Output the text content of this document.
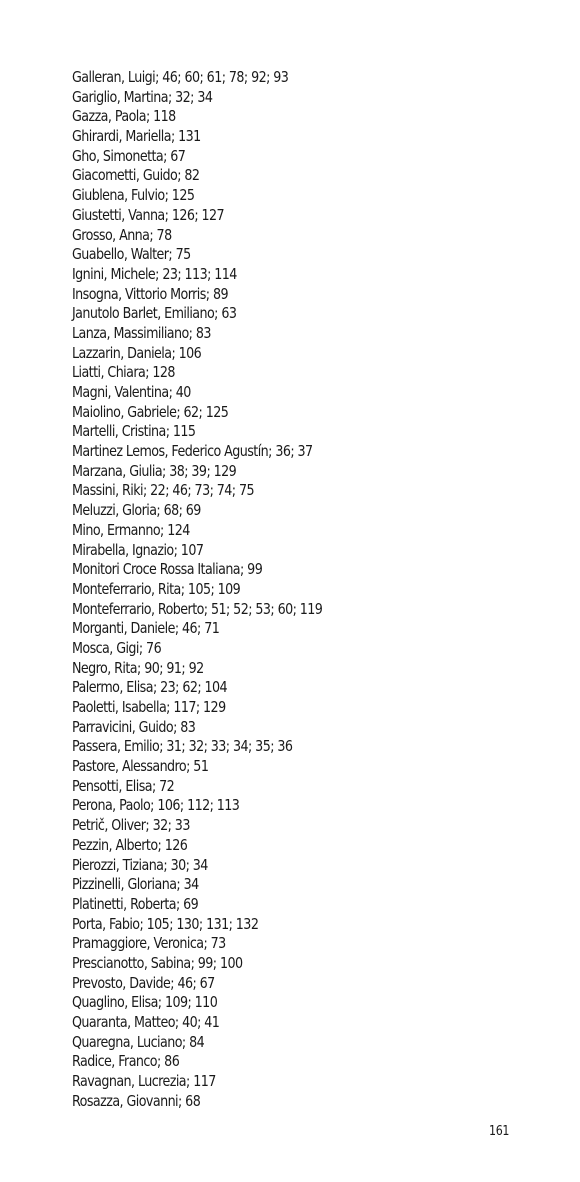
Galleran, Luigi; 46; 60; 61; 78; 92; 93
Gariglio, Martina; 32; 34
Gazza, Paola; 118
Ghirardi, Mariella; 131
Gho, Simonetta; 67
Giacometti, Guido; 82
Giublena, Fulvio; 125
Giustetti, Vanna; 126; 127
Grosso, Anna; 78
Guabello, Walter; 75
Ignini, Michele; 23; 113; 114
Insogna, Vittorio Morris; 89
Janutolo Barlet, Emiliano; 63
Lanza, Massimiliano; 83
Lazzarin, Daniela; 106
Liatti, Chiara; 128
Magni, Valentina; 40
Maiolino, Gabriele; 62; 125
Martelli, Cristina; 115
Martinez Lemos, Federico Agustín; 36; 37
Marzana, Giulia; 38; 39; 129
Massini, Riki; 22; 46; 73; 74; 75
Meluzzi, Gloria; 68; 69
Mino, Ermanno; 124
Mirabella, Ignazio; 107
Monitori Croce Rossa Italiana; 99
Monteferrario, Rita; 105; 109
Monteferrario, Roberto; 51; 52; 53; 60; 119
Morganti, Daniele; 46; 71
Mosca, Gigi; 76
Negro, Rita; 90; 91; 92
Palermo, Elisa; 23; 62; 104
Paoletti, Isabella; 117; 129
Parravicini, Guido; 83
Passera, Emilio; 31; 32; 33; 34; 35; 36
Pastore, Alessandro; 51
Pensotti, Elisa; 72
Perona, Paolo; 106; 112; 113
Petrič, Oliver; 32; 33
Pezzin, Alberto; 126
Pierozzi, Tiziana; 30; 34
Pizzinelli, Gloriana; 34
Platinetti, Roberta; 69
Porta, Fabio; 105; 130; 131; 132
Pramaggiore, Veronica; 73
Prescianotto, Sabina; 99; 100
Prevosto, Davide; 46; 67
Quaglino, Elisa; 109; 110
Quaranta, Matteo; 40; 41
Quaregna, Luciano; 84
Radice, Franco; 86
Ravagnan, Lucrezia; 117
Rosazza, Giovanni; 68
161
